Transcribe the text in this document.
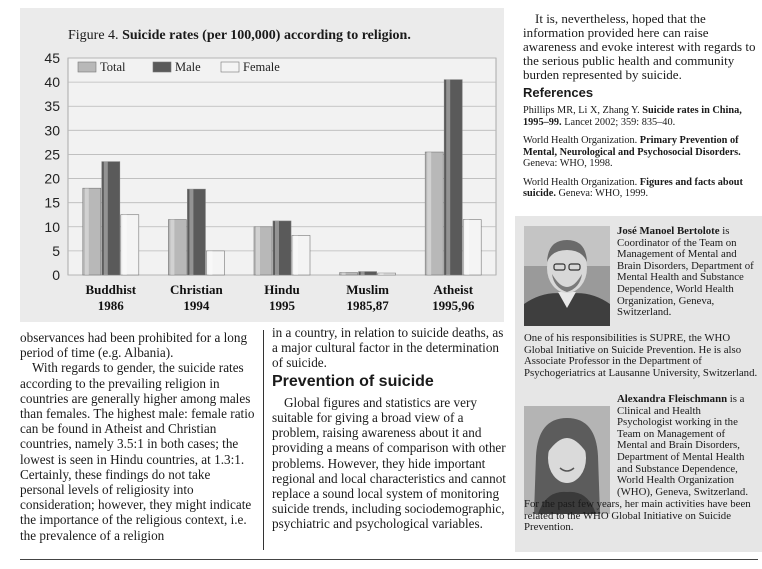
0
5
10
15
20
25
30
35
40
45
Buddhist
1986
Christian
1994
Hindu
1995
Muslim
1985,87
Atheist
1995,96
Total	Male	Female
Figure 4. Suicide rates (per 100,000) according to religion.

observances had been prohibited for a long period of time (e.g. Albania).

With regards to gender, the suicide rates according to the prevailing religion in countries are generally higher among males than females. The highest male: female ratio can be found in Atheist and Christian countries, namely 3.5:1 in both cases; the lowest is seen in Hindu countries, at 1.3:1. Certainly, these findings do not take personal levels of religiosity into consideration; however, they might indicate the importance of the religious context, i.e. the prevalence of a religion

in a country, in relation to suicide deaths, as a major cultural factor in the determination of suicide.

Prevention of suicide

Global figures and statistics are very suitable for giving a broad view of a problem, raising awareness about it and providing a means of comparison with other problems. However, they hide important regional and local characteristics and cannot replace a sound local system of monitoring suicide trends, including sociodemographic, psychiatric and psychological variables.

It is, nevertheless, hoped that the information provided here can raise awareness and evoke interest with regards to the serious public health and community burden represented by suicide.

References
Phillips MR, Li X, Zhang Y. Suicide rates in China, 1995–99. Lancet 2002; 359: 835–40.
World Health Organization. Primary Prevention of Mental, Neurological and Psychosocial Disorders. Geneva: WHO, 1998.
World Health Organization. Figures and facts about suicide. Geneva: WHO, 1999.
José Manoel Bertolote is Coordinator of the Team on Management of Mental and Brain Disorders, Department of Mental Health and Substance Dependence, World Health Organization, Geneva, Switzerland.
One of his responsibilities is SUPRE, the WHO Global Initiative on Suicide Prevention. He is also Associate Professor in the Department of Psychogeriatrics at Lausanne University, Switzerland.
Alexandra Fleischmann is a Clinical and Health Psychologist working in the Team on Management of Mental and Brain Disorders, Department of Mental Health and Substance Dependence, World Health Organization (WHO), Geneva, Switzerland.
For the past few years, her main activities have been related to the WHO Global Initiative on Suicide Prevention.
